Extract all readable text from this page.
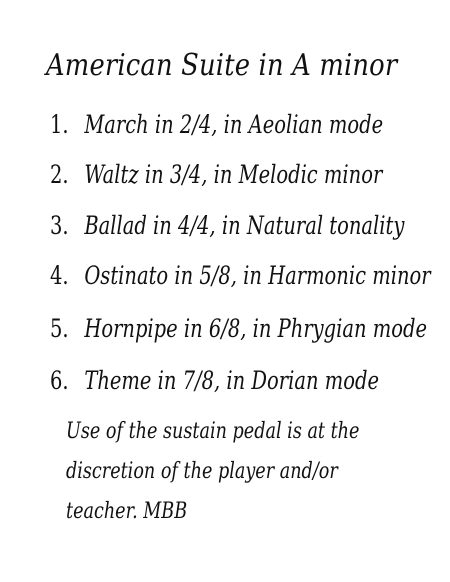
American Suite in A minor
1. March in 2/4, in Aeolian mode
2. Waltz in 3/4, in Melodic minor
3. Ballad in 4/4, in Natural tonality
4. Ostinato in 5/8, in Harmonic minor
5. Hornpipe in 6/8, in Phrygian mode
6. Theme in 7/8, in Dorian mode
Use of the sustain pedal is at the
discretion of the player and/or
teacher. MBB
